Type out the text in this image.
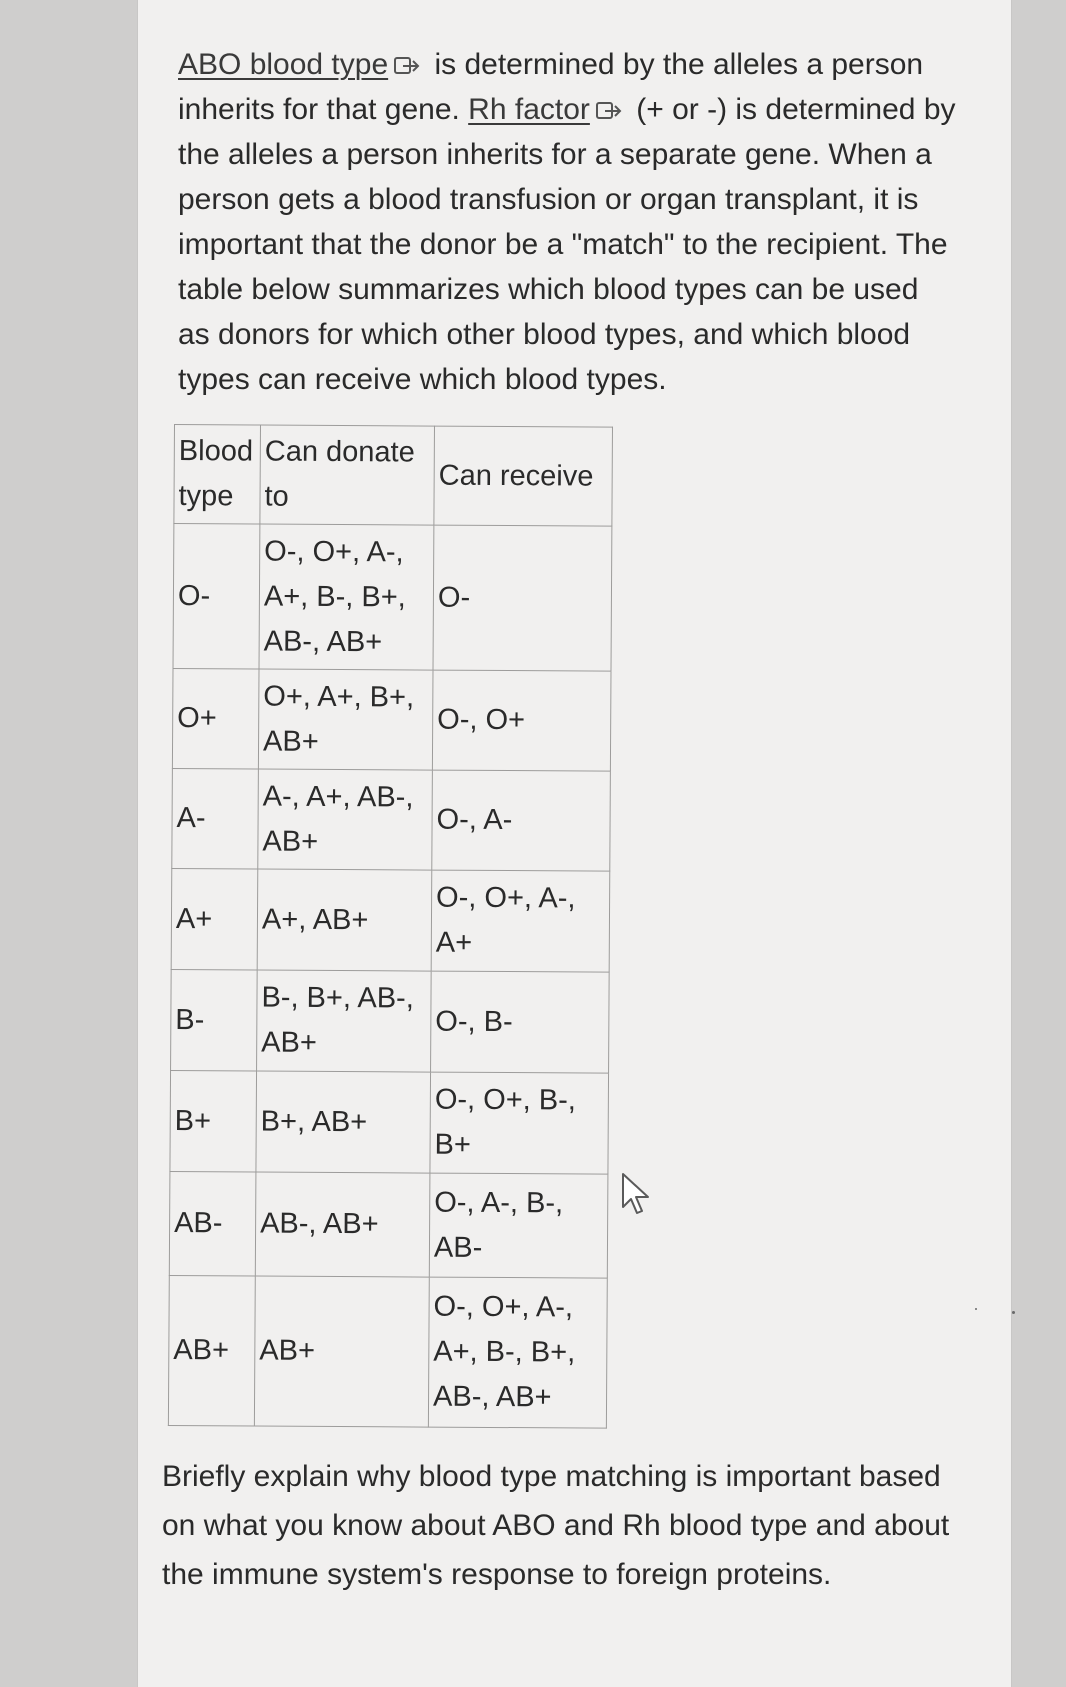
ABO blood type
is determined by the alleles a person inherits for that gene. Rh factor
(+ or -) is determined by the alleles a person inherits for a separate gene. When a person gets a blood transfusion or organ transplant, it is important that the donor be a "match" to the recipient. The table below summarizes which blood types can be used as donors for which other blood types, and which blood types can receive which blood types.
Blood type	Can donate to	Can receive
O-	O-, O+, A-, A+, B-, B+, AB-, AB+	O-
O+	O+, A+, B+, AB+	O-, O+
A-	A-, A+, AB-, AB+	O-, A-
A+	A+, AB+	O-, O+, A-, A+
B-	B-, B+, AB-, AB+	O-, B-
B+	B+, AB+	O-, O+, B-, B+
AB-	AB-, AB+	O-, A-, B-, AB-
AB+	AB+	O-, O+, A-, A+, B-, B+, AB-, AB+
Briefly explain why blood type matching is important based on what you know about ABO and Rh blood type and about the immune system's response to foreign proteins.
